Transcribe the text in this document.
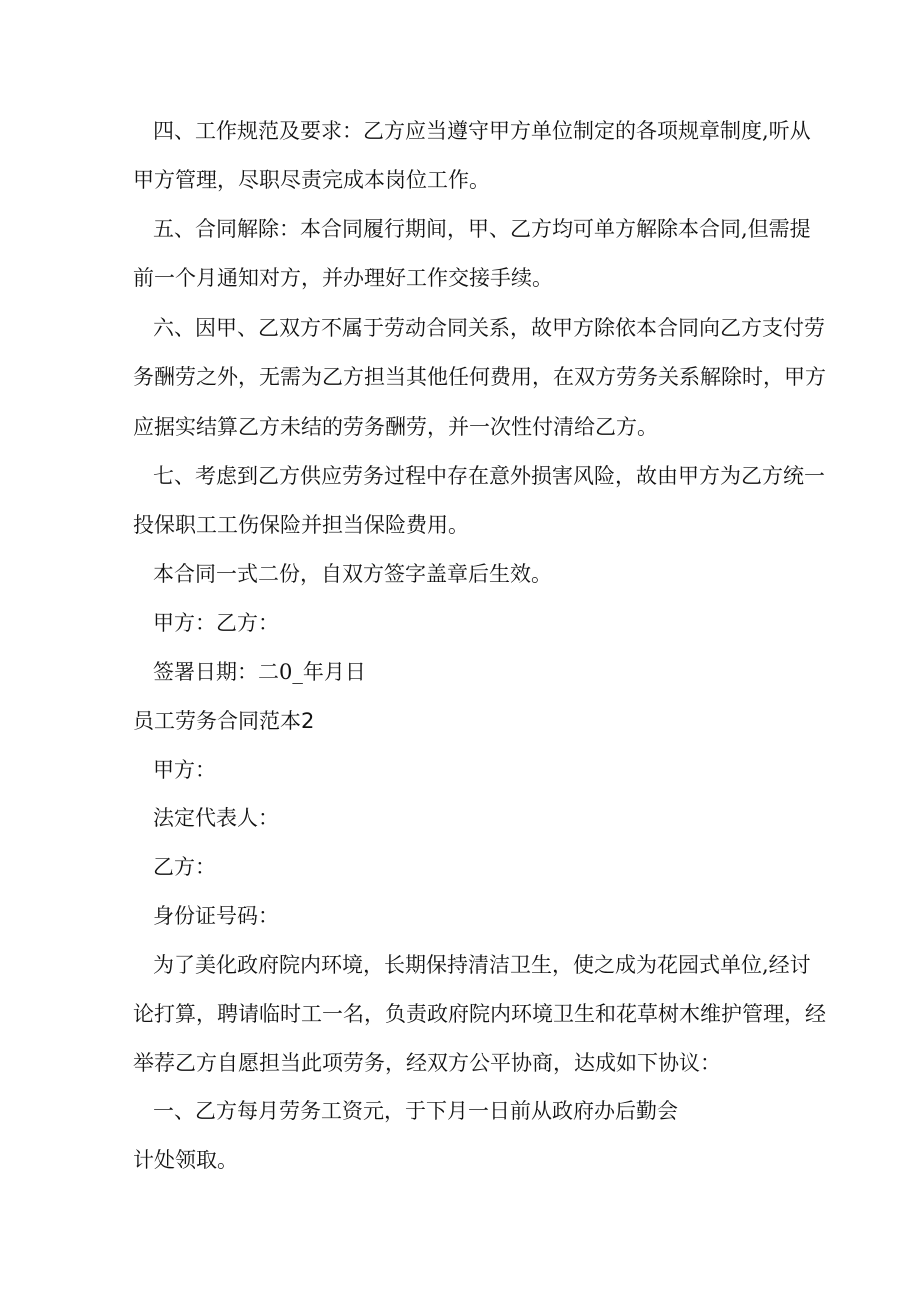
四、工作规范及要求：乙方应当遵守甲方单位制定的各项规章制度,听从
甲方管理，尽职尽责完成本岗位工作。
五、合同解除：本合同履行期间，甲、乙方均可单方解除本合同,但需提
前一个月通知对方，并办理好工作交接手续。
六、因甲、乙双方不属于劳动合同关系，故甲方除依本合同向乙方支付劳
务酬劳之外，无需为乙方担当其他任何费用，在双方劳务关系解除时，甲方
应据实结算乙方未结的劳务酬劳，并一次性付清给乙方。
七、考虑到乙方供应劳务过程中存在意外损害风险，故由甲方为乙方统一
投保职工工伤保险并担当保险费用。
本合同一式二份，自双方签字盖章后生效。
甲方：乙方：
签署日期：二0_年月日
员工劳务合同范本2
甲方：
法定代表人：
乙方：
身份证号码：
为了美化政府院内环境，长期保持清洁卫生，使之成为花园式单位,经讨
论打算，聘请临时工一名，负责政府院内环境卫生和花草树木维护管理，经
举荐乙方自愿担当此项劳务，经双方公平协商，达成如下协议：
一、乙方每月劳务工资元，于下月一日前从政府办后勤会
计处领取。
